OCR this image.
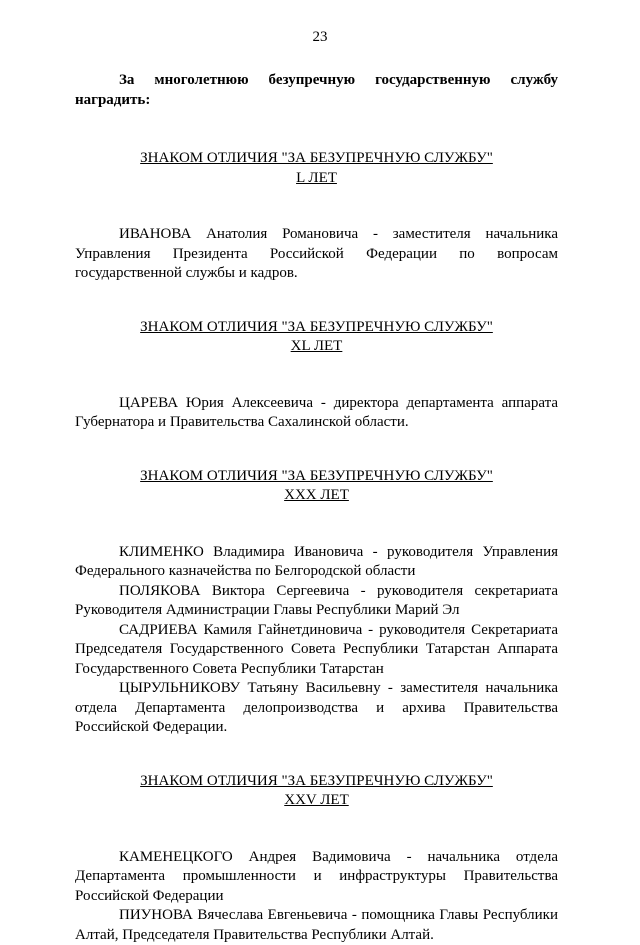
23

За многолетнюю безупречную государственную службу наградить:

ЗНАКОМ ОТЛИЧИЯ "ЗА БЕЗУПРЕЧНУЮ СЛУЖБУ"
L ЛЕТ

ИВАНОВА Анатолия Романовича - заместителя начальника Управления Президента Российской Федерации по вопросам государственной службы и кадров.

ЗНАКОМ ОТЛИЧИЯ "ЗА БЕЗУПРЕЧНУЮ СЛУЖБУ"
XL ЛЕТ

ЦАРЕВА Юрия Алексеевича - директора департамента аппарата Губернатора и Правительства Сахалинской области.

ЗНАКОМ ОТЛИЧИЯ "ЗА БЕЗУПРЕЧНУЮ СЛУЖБУ"
XXX ЛЕТ

КЛИМЕНКО Владимира Ивановича - руководителя Управления Федерального казначейства по Белгородской области

ПОЛЯКОВА Виктора Сергеевича - руководителя секретариата Руководителя Администрации Главы Республики Марий Эл

САДРИЕВА Камиля Гайнетдиновича - руководителя Секретариата Председателя Государственного Совета Республики Татарстан Аппарата Государственного Совета Республики Татарстан

ЦЫРУЛЬНИКОВУ Татьяну Васильевну - заместителя начальника отдела Департамента делопроизводства и архива Правительства Российской Федерации.

ЗНАКОМ ОТЛИЧИЯ "ЗА БЕЗУПРЕЧНУЮ СЛУЖБУ"
XXV ЛЕТ

КАМЕНЕЦКОГО Андрея Вадимовича - начальника отдела Департамента промышленности и инфраструктуры Правительства Российской Федерации

ПИУНОВА Вячеслава Евгеньевича - помощника Главы Республики Алтай, Председателя Правительства Республики Алтай.
